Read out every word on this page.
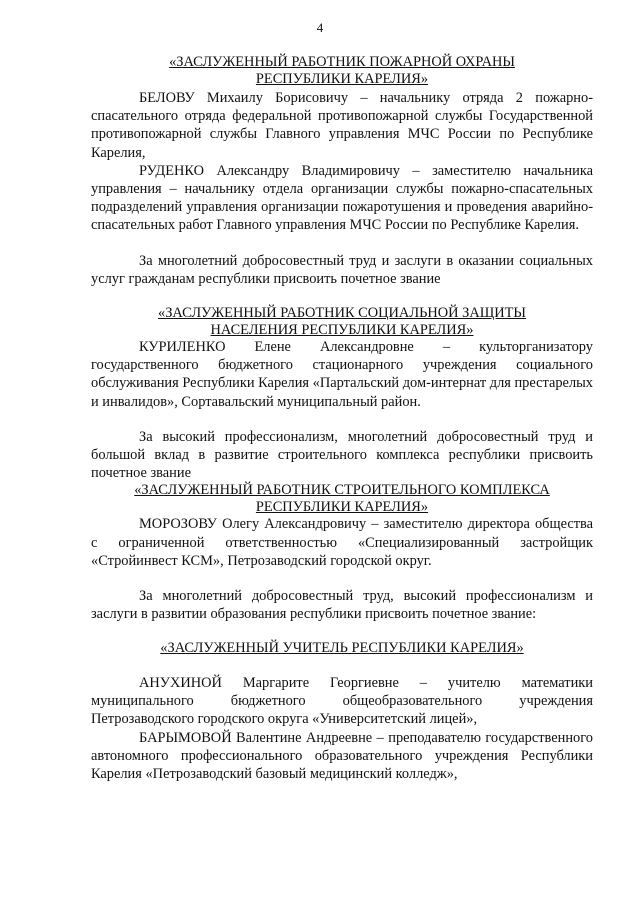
4

«ЗАСЛУЖЕННЫЙ РАБОТНИК ПОЖАРНОЙ ОХРАНЫ

РЕСПУБЛИКИ КАРЕЛИЯ»

БЕЛОВУ Михаилу Борисовичу – начальнику отряда 2 пожарно-спасательного отряда федеральной противопожарной службы Государственной противопожарной службы Главного управления МЧС России по Республике Карелия,

РУДЕНКО Александру Владимировичу – заместителю начальника управления – начальнику отдела организации службы пожарно-спасательных подразделений управления организации пожаротушения и проведения аварийно-спасательных работ Главного управления МЧС России по Республике Карелия.

За многолетний добросовестный труд и заслуги в оказании социальных услуг гражданам республики присвоить почетное звание

«ЗАСЛУЖЕННЫЙ РАБОТНИК СОЦИАЛЬНОЙ ЗАЩИТЫ

НАСЕЛЕНИЯ РЕСПУБЛИКИ КАРЕЛИЯ»

КУРИЛЕНКО Елене Александровне – культорганизатору государственного бюджетного стационарного учреждения социального обслуживания Республики Карелия «Партальский дом-интернат для престарелых и инвалидов», Сортавальский муниципальный район.

За высокий профессионализм, многолетний добросовестный труд и большой вклад в развитие строительного комплекса республики присвоить почетное звание

«ЗАСЛУЖЕННЫЙ РАБОТНИК СТРОИТЕЛЬНОГО КОМПЛЕКСА

РЕСПУБЛИКИ КАРЕЛИЯ»

МОРОЗОВУ Олегу Александровичу – заместителю директора общества с ограниченной ответственностью «Специализированный застройщик «Стройинвест КСМ», Петрозаводский городской округ.

За многолетний добросовестный труд, высокий профессионализм и заслуги в развитии образования республики присвоить почетное звание:

«ЗАСЛУЖЕННЫЙ УЧИТЕЛЬ РЕСПУБЛИКИ КАРЕЛИЯ»

АНУХИНОЙ Маргарите Георгиевне – учителю математики муниципального бюджетного общеобразовательного учреждения Петрозаводского городского округа «Университетский лицей»,

БАРЫМОВОЙ Валентине Андреевне – преподавателю государственного автономного профессионального образовательного учреждения Республики Карелия «Петрозаводский базовый медицинский колледж»,
